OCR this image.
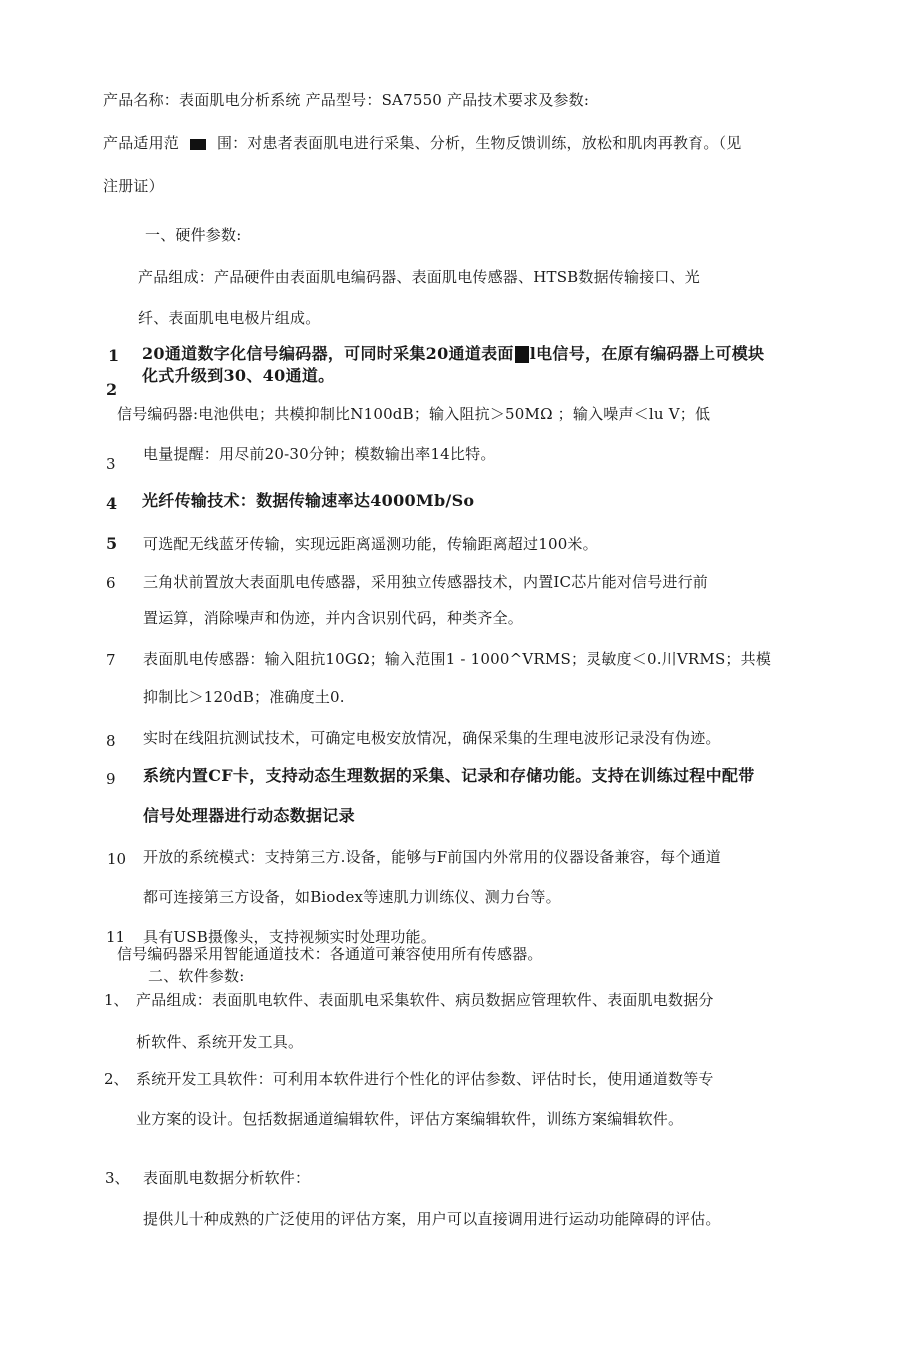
产品名称：表面肌电分析系统 产品型号：SA7550 产品技术要求及参数:
产品适用范	围：对患者表面肌电进行采集、分析，生物反馈训练，放松和肌肉再教育。（见
注册证）
一、硬件参数:
产品组成：产品硬件由表面肌电编码器、表面肌电传感器、HTSB数据传输接口、光
纤、表面肌电电极片组成。
1 20通道数字化信号编码器，可同时采集20通道表面 l电信号，在原有编码器上可模块
化式升级到30、40通道。
2
信号编码器:电池供电；共模抑制比N100dB；输入阻抗＞50MΩ ；输入噪声＜lu V；低
3
电量提醒：用尽前20-30分钟；模数输出率14比特。
4 光纤传输技术：数据传输速率达4000Mb/So
5 可选配无线蓝牙传输，实现远距离遥测功能，传输距离超过100米。
6 三角状前置放大表面肌电传感器，采用独立传感器技术，内置IC芯片能对信号进行前
置运算，消除噪声和伪迹，并内含识别代码，种类齐全。
7 表面肌电传感器：输入阻抗10GΩ；输入范围1 - 1000^VRMS；灵敏度＜0.川VRMS；共模
抑制比＞120dB；准确度土0.
8 实时在线阻抗测试技术，可确定电极安放情况，确保采集的生理电波形记录没有伪迹。
9 系统内置CF卡，支持动态生理数据的采集、记录和存储功能。支持在训练过程中配带
信号处理器进行动态数据记录
10 开放的系统模式：支持第三方.设备，能够与F前国内外常用的仪器设备兼容，每个通道
都可连接第三方设备，如Biodex等速肌力训练仪、测力台等。
11 具有USB摄像头，支持视频实时处理功能。
信号编码器采用智能通道技术：各通道可兼容使用所有传感器。
二、软件参数:
1、 产品组成：表面肌电软件、表面肌电采集软件、病员数据应管理软件、表面肌电数据分
析软件、系统开发工具。
2、 系统开发工具软件：可利用本软件进行个性化的评估参数、评估时长，使用通道数等专
业方案的设计。包括数据通道编辑软件，评估方案编辑软件，训练方案编辑软件。
3、 表面肌电数据分析软件：
提供儿十种成熟的广泛使用的评估方案，用户可以直接调用进行运动功能障碍的评估。
